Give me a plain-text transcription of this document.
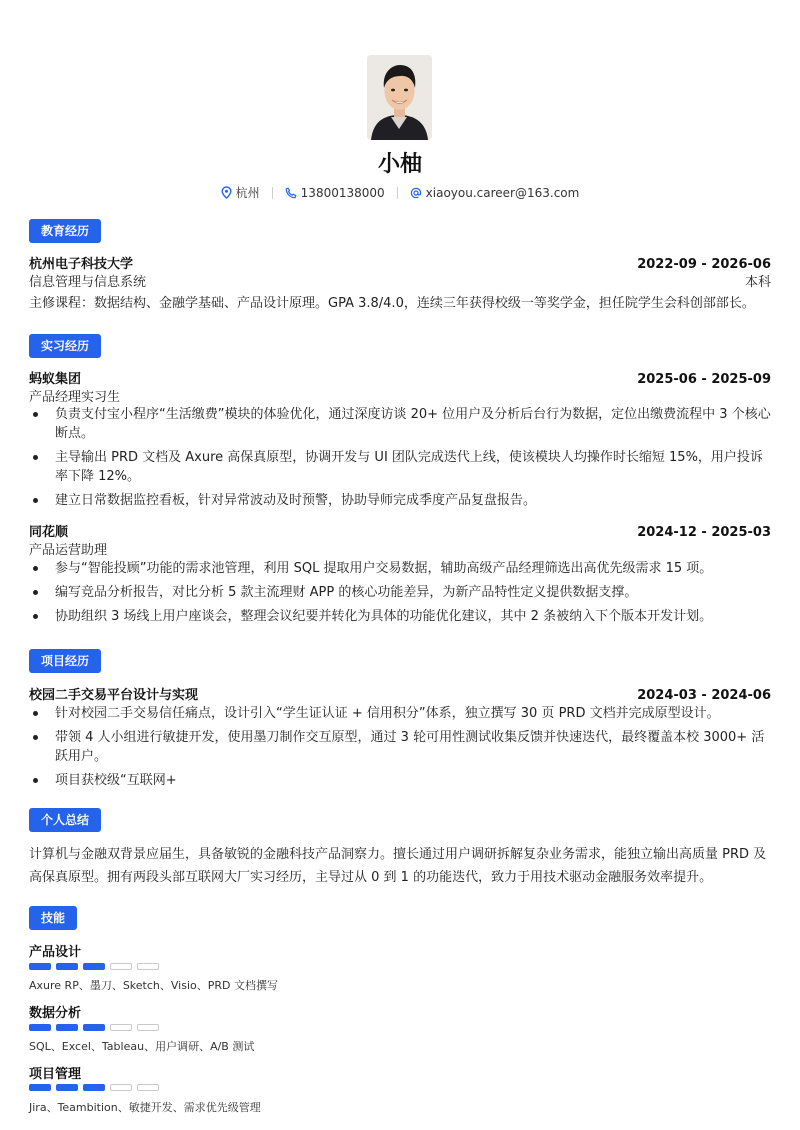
小柚
杭州	13800138000	xiaoyou.career@163.com
教育经历
杭州电子科技大学	2022-09 - 2026-06
信息管理与信息系统	本科
主修课程：数据结构、金融学基础、产品设计原理。GPA 3.8/4.0，连续三年获得校级一等奖学金，担任院学生会科创部部长。
实习经历
蚂蚁集团	2025-06 - 2025-09
产品经理实习生
负责支付宝小程序“生活缴费”模块的体验优化，通过深度访谈 20+ 位用户及分析后台行为数据，定位出缴费流程中 3 个核心断点。
主导输出 PRD 文档及 Axure 高保真原型，协调开发与 UI 团队完成迭代上线，使该模块人均操作时长缩短 15%，用户投诉率下降 12%。
建立日常数据监控看板，针对异常波动及时预警，协助导师完成季度产品复盘报告。
同花顺	2024-12 - 2025-03
产品运营助理
参与“智能投顾”功能的需求池管理，利用 SQL 提取用户交易数据，辅助高级产品经理筛选出高优先级需求 15 项。
编写竞品分析报告，对比分析 5 款主流理财 APP 的核心功能差异，为新产品特性定义提供数据支撑。
协助组织 3 场线上用户座谈会，整理会议纪要并转化为具体的功能优化建议，其中 2 条被纳入下个版本开发计划。
项目经历
校园二手交易平台设计与实现	2024-03 - 2024-06
针对校园二手交易信任痛点，设计引入“学生证认证 + 信用积分”体系，独立撰写 30 页 PRD 文档并完成原型设计。
带领 4 人小组进行敏捷开发，使用墨刀制作交互原型，通过 3 轮可用性测试收集反馈并快速迭代，最终覆盖本校 3000+ 活跃用户。
项目获校级“互联网+
个人总结
计算机与金融双背景应届生，具备敏锐的金融科技产品洞察力。擅长通过用户调研拆解复杂业务需求，能独立输出高质量 PRD 及高保真原型。拥有两段头部互联网大厂实习经历，主导过从 0 到 1 的功能迭代，致力于用技术驱动金融服务效率提升。
技能
产品设计
Axure RP、墨刀、Sketch、Visio、PRD 文档撰写
数据分析
SQL、Excel、Tableau、用户调研、A/B 测试
项目管理
Jira、Teambition、敏捷开发、需求优先级管理
